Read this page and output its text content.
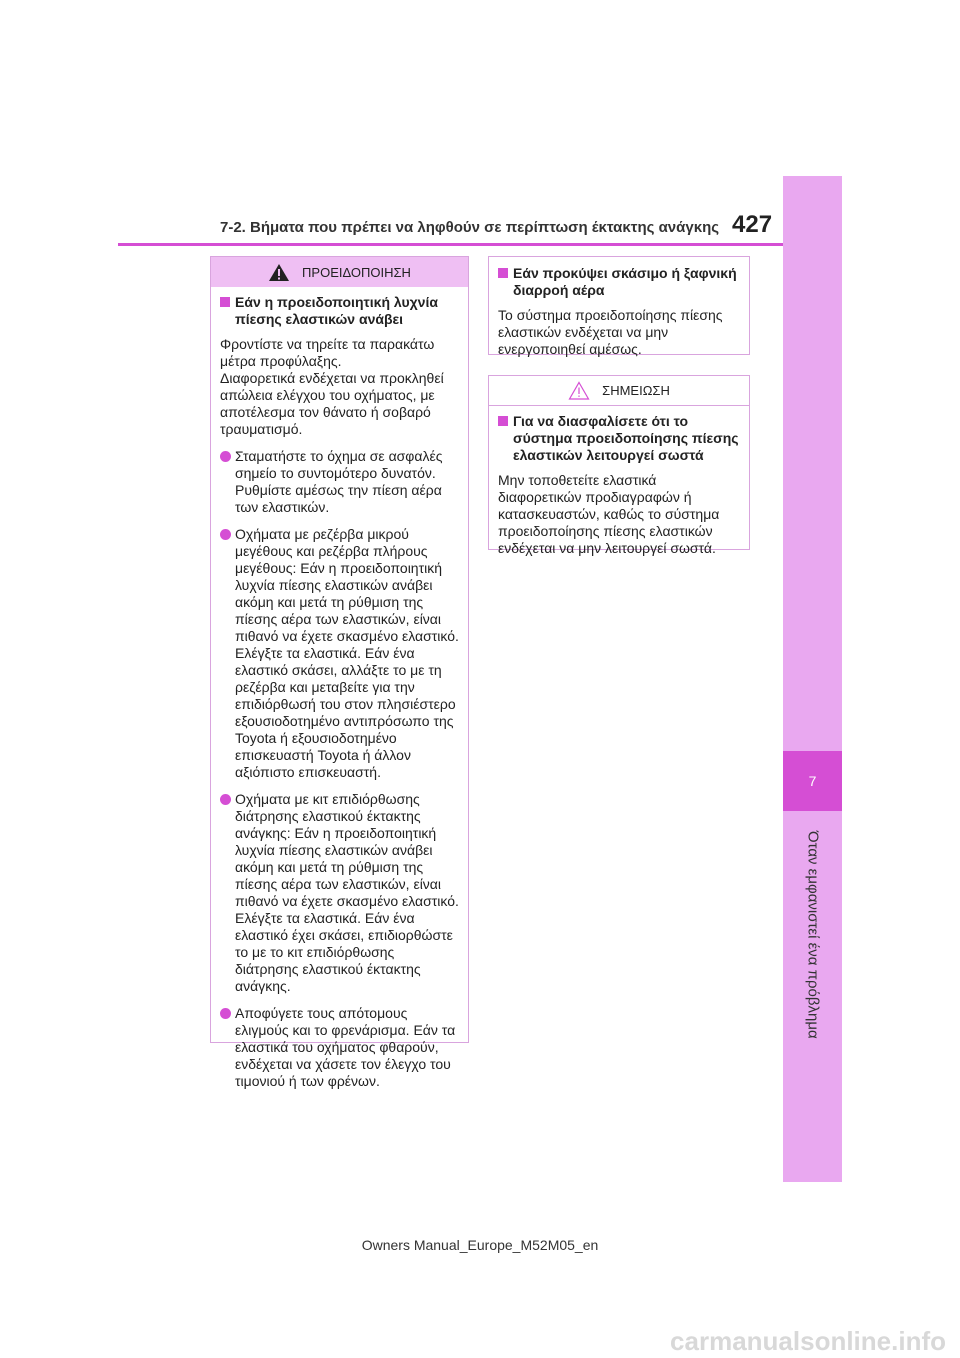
7
Όταν εμφανιστεί ένα πρόβλημα
7-2. Βήματα που πρέπει να ληφθούν σε περίπτωση έκτακτης ανάγκης 427
ΠΡΟΕΙΔΟΠΟΙΗΣΗ
Εάν η προειδοποιητική λυχνία πίεσης ελαστικών ανάβει
Φροντίστε να τηρείτε τα παρακάτω μέτρα προφύλαξης.
Διαφορετικά ενδέχεται να προκληθεί απώλεια ελέγχου του οχήματος, με αποτέλεσμα τον θάνατο ή σοβαρό τραυματισμό.
Σταματήστε το όχημα σε ασφαλές σημείο το συντομότερο δυνατόν. Ρυθμίστε αμέσως την πίεση αέρα των ελαστικών.
Οχήματα με ρεζέρβα μικρού μεγέθους και ρεζέρβα πλήρους μεγέθους: Εάν η προειδοποιητική λυχνία πίεσης ελαστικών ανάβει ακόμη και μετά τη ρύθμιση της πίεσης αέρα των ελαστικών, είναι πιθανό να έχετε σκασμένο ελαστικό. Ελέγξτε τα ελαστικά. Εάν ένα ελαστικό σκάσει, αλλάξτε το με τη ρεζέρβα και μεταβείτε για την επιδιόρθωσή του στον πλησιέστερο εξουσιοδοτημένο αντιπρόσωπο της Toyota ή εξουσιοδοτημένο επισκευαστή Toyota ή άλλον αξιόπιστο επισκευαστή.
Οχήματα με κιτ επιδιόρθωσης διάτρησης ελαστικού έκτακτης ανάγκης: Εάν η προειδοποιητική λυχνία πίεσης ελαστικών ανάβει ακόμη και μετά τη ρύθμιση της πίεσης αέρα των ελαστικών, είναι πιθανό να έχετε σκασμένο ελαστικό. Ελέγξτε τα ελαστικά. Εάν ένα ελαστικό έχει σκάσει, επιδιορθώστε το με το κιτ επιδιόρθωσης διάτρησης ελαστικού έκτακτης ανάγκης.
Αποφύγετε τους απότομους ελιγμούς και το φρενάρισμα. Εάν τα ελαστικά του οχήματος φθαρούν, ενδέχεται να χάσετε τον έλεγχο του τιμονιού ή των φρένων.
Εάν προκύψει σκάσιμο ή ξαφνική διαρροή αέρα
Το σύστημα προειδοποίησης πίεσης ελαστικών ενδέχεται να μην ενεργοποιηθεί αμέσως.
ΣΗΜΕΙΩΣΗ
Για να διασφαλίσετε ότι το σύστημα προειδοποίησης πίεσης ελαστικών λειτουργεί σωστά
Μην τοποθετείτε ελαστικά διαφορετικών προδιαγραφών ή κατασκευαστών, καθώς το σύστημα προειδοποίησης πίεσης ελαστικών ενδέχεται να μην λειτουργεί σωστά.
Owners Manual_Europe_M52M05_en
carmanualsonline.info
